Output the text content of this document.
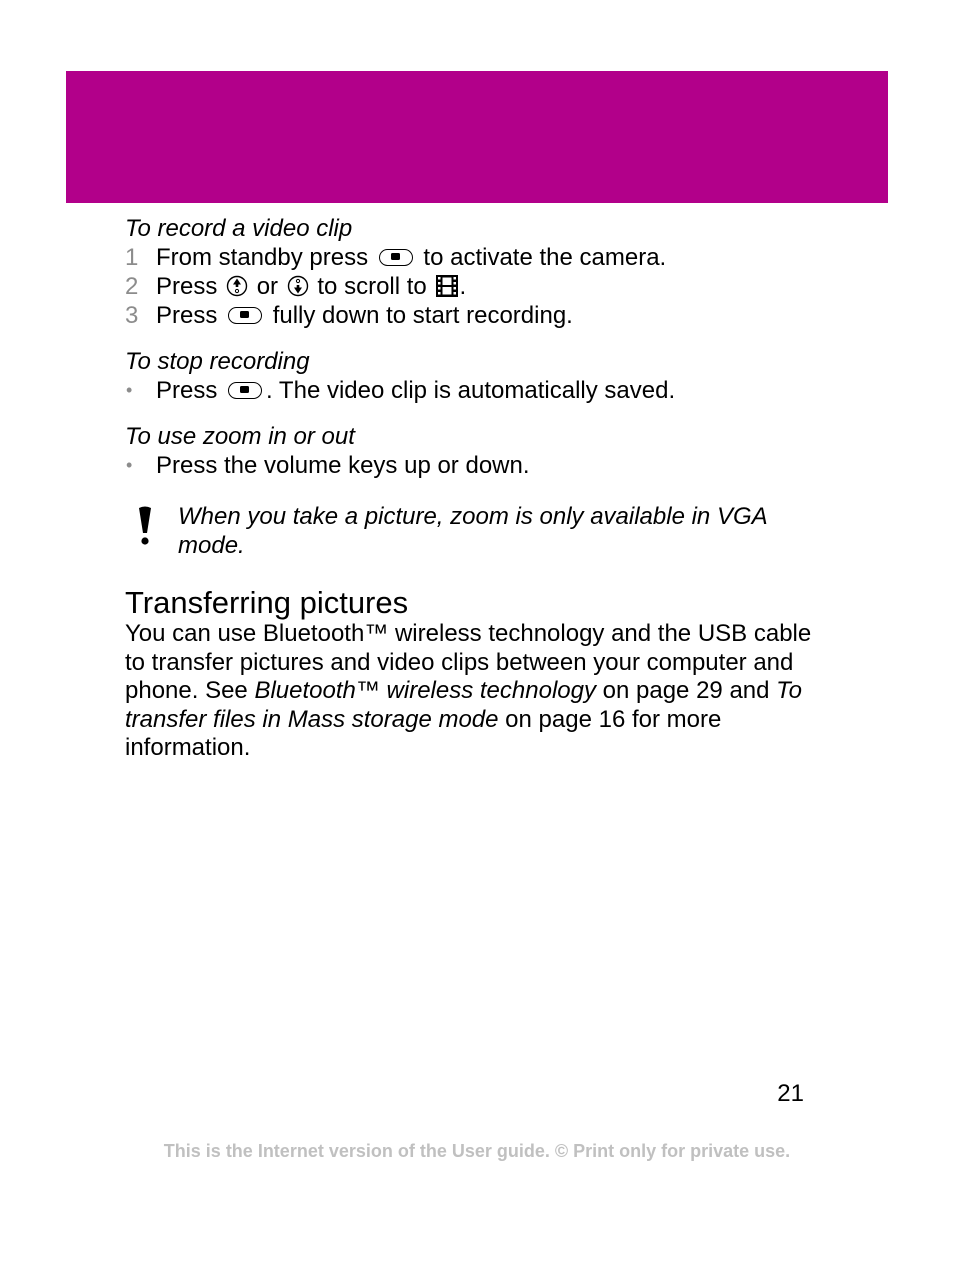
To record a video clip
1 From standby press to activate the camera.
2 Press or to scroll to .
3 Press fully down to start recording.
To stop recording
• Press . The video clip is automatically saved.
To use zoom in or out
• Press the volume keys up or down.

When you take a picture, zoom is only available in VGA mode.

Transferring pictures

You can use Bluetooth™ wireless technology and the USB cable to transfer pictures and video clips between your computer and phone. See Bluetooth™ wireless technology on page 29 and To transfer files in Mass storage mode on page 16 for more information.

21
This is the Internet version of the User guide. © Print only for private use.
